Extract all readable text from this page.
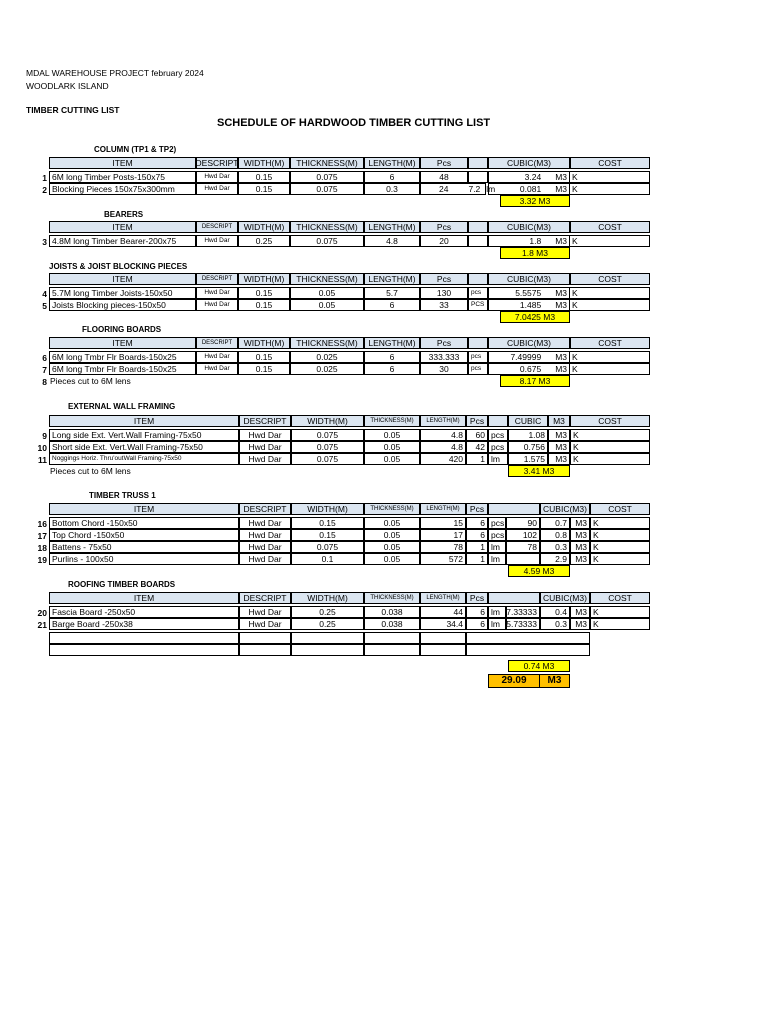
MDAL WAREHOUSE PROJECT february 2024
WOODLARK ISLAND
TIMBER CUTTING LIST
SCHEDULE OF HARDWOOD TIMBER CUTTING LIST
COLUMN (TP1 & TP2)
ITEM	DESCRIPT WIDTH(M)	THICKNESS(M)	LENGTH(M)	Pcs	CUBIC(M3)	COST
1 6M long Timber Posts-150x75	Hwd Dar	0.15	0.075	6	48	3.24 M3 K
2 Blocking Pieces 150x75x300mm	Hwd Dar	0.15	0.075	0.3	24 7.2 lm	0.081 M3 K
3.32 M3
BEARERS
ITEM	DESCRIPT	WIDTH(M)	THICKNESS(M)	LENGTH(M)	Pcs	CUBIC(M3)	COST
3 4.8M long Timber Bearer-200x75	Hwd Dar	0.25	0.075	4.8	20	1.8 M3 K
1.8 M3
JOISTS & JOIST BLOCKING PIECES
ITEM	DESCRIPT	WIDTH(M)	THICKNESS(M)	LENGTH(M)	Pcs	CUBIC(M3)	COST
4 5.7M long Timber Joists-150x50	Hwd Dar	0.15	0.05	5.7	130	pcs	5.5575 M3 K
5 Joists Blocking pieces-150x50	Hwd Dar	0.15	0.05	6	33	PCS	1.485 M3 K
7.0425 M3
FLOORING BOARDS
ITEM	DESCRIPT	WIDTH(M)	THICKNESS(M)	LENGTH(M)	Pcs	CUBIC(M3)	COST
6 6M long Tmbr Flr Boards-150x25	Hwd Dar	0.15	0.025	6	333.333	pcs	7.49999 M3 K
7 6M long Tmbr Flr Boards-150x25	Hwd Dar	0.15	0.025	6	30	pcs	0.675 M3 K
8 Pieces cut to 6M lens	8.17 M3
EXTERNAL WALL FRAMING
ITEM	DESCRIPT	WIDTH(M)	THICKNESS(M)	LENGTH(M)	Pcs	CUBIC	M3	COST
9 Long side Ext. Vert.Wall Framing-75x50	Hwd Dar	0.075	0.05	4.8	60 pcs	1.08	M3 K
10 Short side Ext. Vert.Wall Framing-75x50	Hwd Dar	0.075	0.05	4.8	42 pcs	0.756	M3 K
11 Noggings Horiz. Thru'outWall Framing-75x50	Hwd Dar	0.075	0.05	420	1 lm	1.575	M3 K
Pieces cut to 6M lens	3.41 M3
TIMBER TRUSS 1
ITEM	DESCRIPT	WIDTH(M)	THICKNESS(M)	LENGTH(M)	Pcs	CUBIC(M3)	COST
16 Bottom Chord -150x50	Hwd Dar	0.15	0.05	15	6 pcs	90	0.7 M3 K
17 Top Chord -150x50	Hwd Dar	0.15	0.05	17	6 pcs	102	0.8 M3 K
18 Battens - 75x50	Hwd Dar	0.075	0.05	78	1 lm	78	0.3 M3 K
19 Purlins - 100x50	Hwd Dar	0.1	0.05	572	1 lm	2.9 M3 K
4.59 M3
ROOFING TIMBER BOARDS
ITEM	DESCRIPT	WIDTH(M)	THICKNESS(M)	LENGTH(M)	Pcs	CUBIC(M3)	COST
20 Fascia Board -250x50	Hwd Dar	0.25	0.038	44	6 lm 7.33333	0.4 M3 K
21 Barge Board -250x38	Hwd Dar	0.25	0.038	34.4	6 lm 5.73333	0.3 M3 K
0.74 M3
29.09	M3
